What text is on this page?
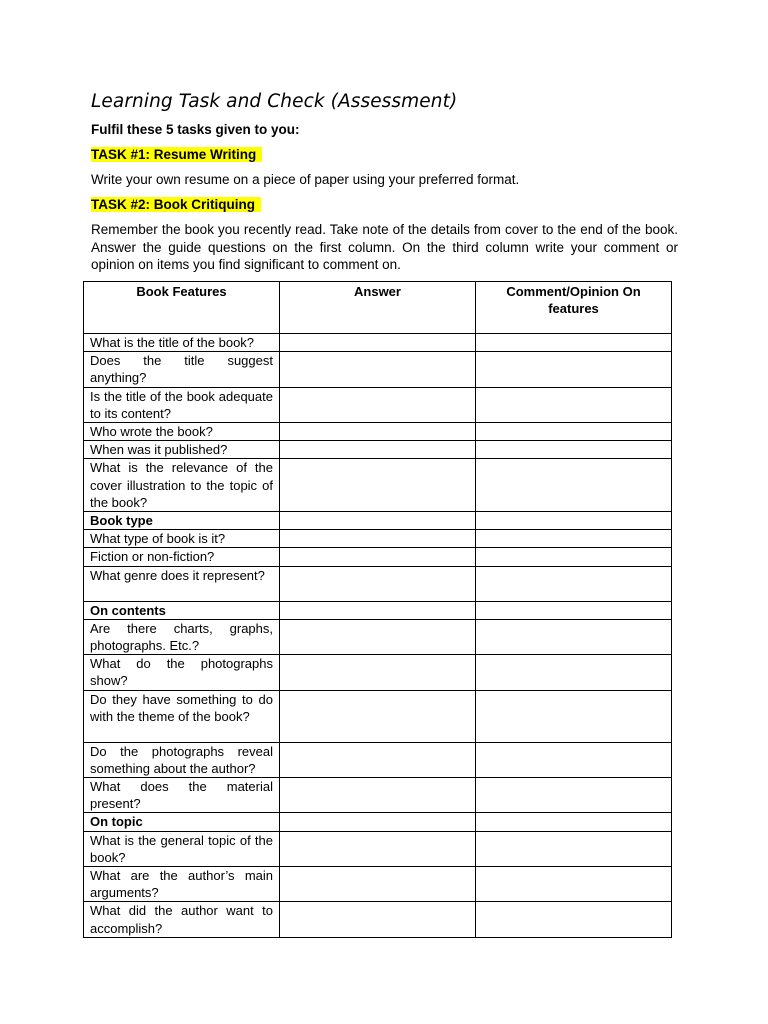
Learning Task and Check (Assessment)
Fulfil these 5 tasks given to you:
TASK #1: Resume Writing
Write your own resume on a piece of paper using your preferred format.
TASK #2: Book Critiquing
Remember the book you recently read. Take note of the details from cover to the end of the book. Answer the guide questions on the first column. On the third column write your comment or opinion on items you find significant to comment on.
Book Features	Answer	Comment/Opinion On features
What is the title of the book?		
Does the title suggest anything?		
Is the title of the book adequate to its content?		
Who wrote the book?		
When was it published?		
What is the relevance of the cover illustration to the topic of the book?		
Book type		
What type of book is it?		
Fiction or non-fiction?		
What genre does it represent?		
On contents		
Are there charts, graphs, photographs. Etc.?		
What do the photographs show?		
Do they have something to do with the theme of the book?		
Do the photographs reveal something about the author?		
What does the material present?		
On topic		
What is the general topic of the book?		
What are the author’s main arguments?		
What did the author want to accomplish?		
